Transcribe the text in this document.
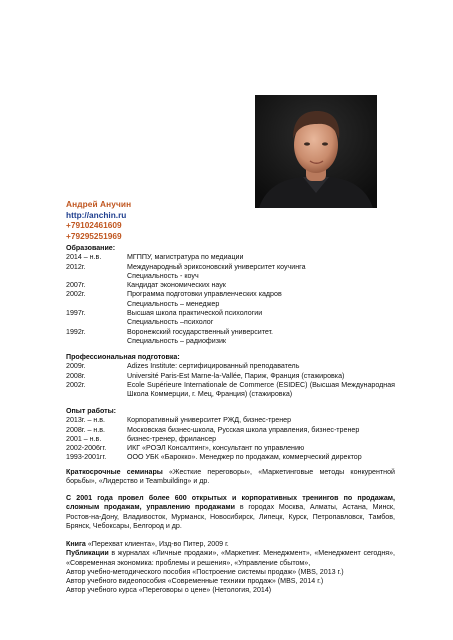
Андрей Анучин
http://anchin.ru
+79102461609
+79295251969
Образование:
2014 – н.в.	МГППУ, магистратура по медиации
2012г.	Международный эриксоновский университет коучинга
Специальность - коуч
2007г.	Кандидат экономических наук
2002г.	Программа подготовки управленческих кадров
Специальность – менеджер
1997г.	Высшая школа практической психологии
Специальность –психолог
1992г.	Воронежский государственный университет.
Специальность – радиофизик
Профессиональная подготовка:
2009г.	Adizes Institute: сертифицированный преподаватель
2008г.	Université Paris-Est Marne-la-Vallée, Париж, Франция (стажировка)
2002г.	Ecole Supérieure Internationale de Commerce (ESIDEC) (Высшая Международная Школа Коммерции, г. Мец, Франция) (стажировка)
Опыт работы:
2013г. – н.в.	Корпоративный университет РЖД, бизнес-тренер
2008г. – н.в.	Московская бизнес-школа, Русская школа управления, бизнес-тренер
2001 – н.в.	бизнес-тренер, фрилансер
2002-2006гг.	ИКГ «РОЭЛ Консалтинг», консультант по управлению
1993-2001гг.	ООО УБК «Барокко». Менеджер по продажам, коммерческий директор
Краткосрочные семинары «Жесткие переговоры», «Маркетинговые методы конкурентной борьбы», «Лидерство и Teambuilding» и др.
С 2001 года провел более 600 открытых и корпоративных тренингов по продажам, сложным продажам, управлению продажами в городах Москва, Алматы, Астана, Минск, Ростов-на-Дону, Владивосток, Мурманск, Новосибирск, Липецк, Курск, Петропавловск, Тамбов, Брянск, Чебоксары, Белгород и др.
Книга «Перехват клиента», Изд-во Питер, 2009 г.
Публикации в журналах «Личные продажи», «Маркетинг. Менеджмент», «Менеджмент сегодня», «Современная экономика: проблемы и решения», «Управление сбытом»,
Автор учебно-методического пособия «Построение системы продаж» (MBS, 2013 г.)
Автор учебного видеопособия «Современные техники продаж» (MBS, 2014 г.)
Автор учебного курса «Переговоры о цене» (Нетология, 2014)
